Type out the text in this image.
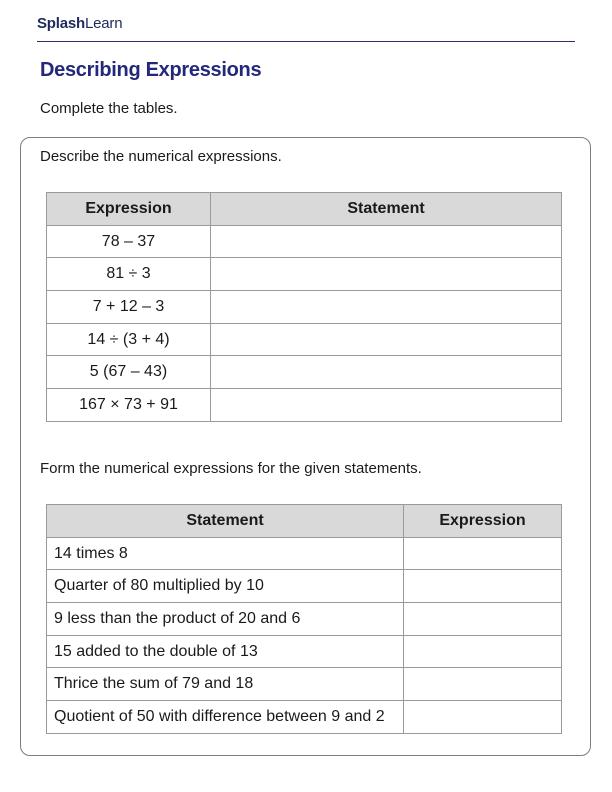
SplashLearn
Describing Expressions
Complete the tables.
Describe the numerical expressions.
Expression	Statement
78 – 37	
81 ÷ 3	
7 + 12 – 3	
14 ÷ (3 + 4)	
5 (67 – 43)	
167 × 73 + 91	
Form the numerical expressions for the given statements.
Statement	Expression
14 times 8	
Quarter of 80 multiplied by 10	
9 less than the product of 20 and 6	
15 added to the double of 13	
Thrice the sum of 79 and 18	
Quotient of 50 with difference between 9 and 2	
